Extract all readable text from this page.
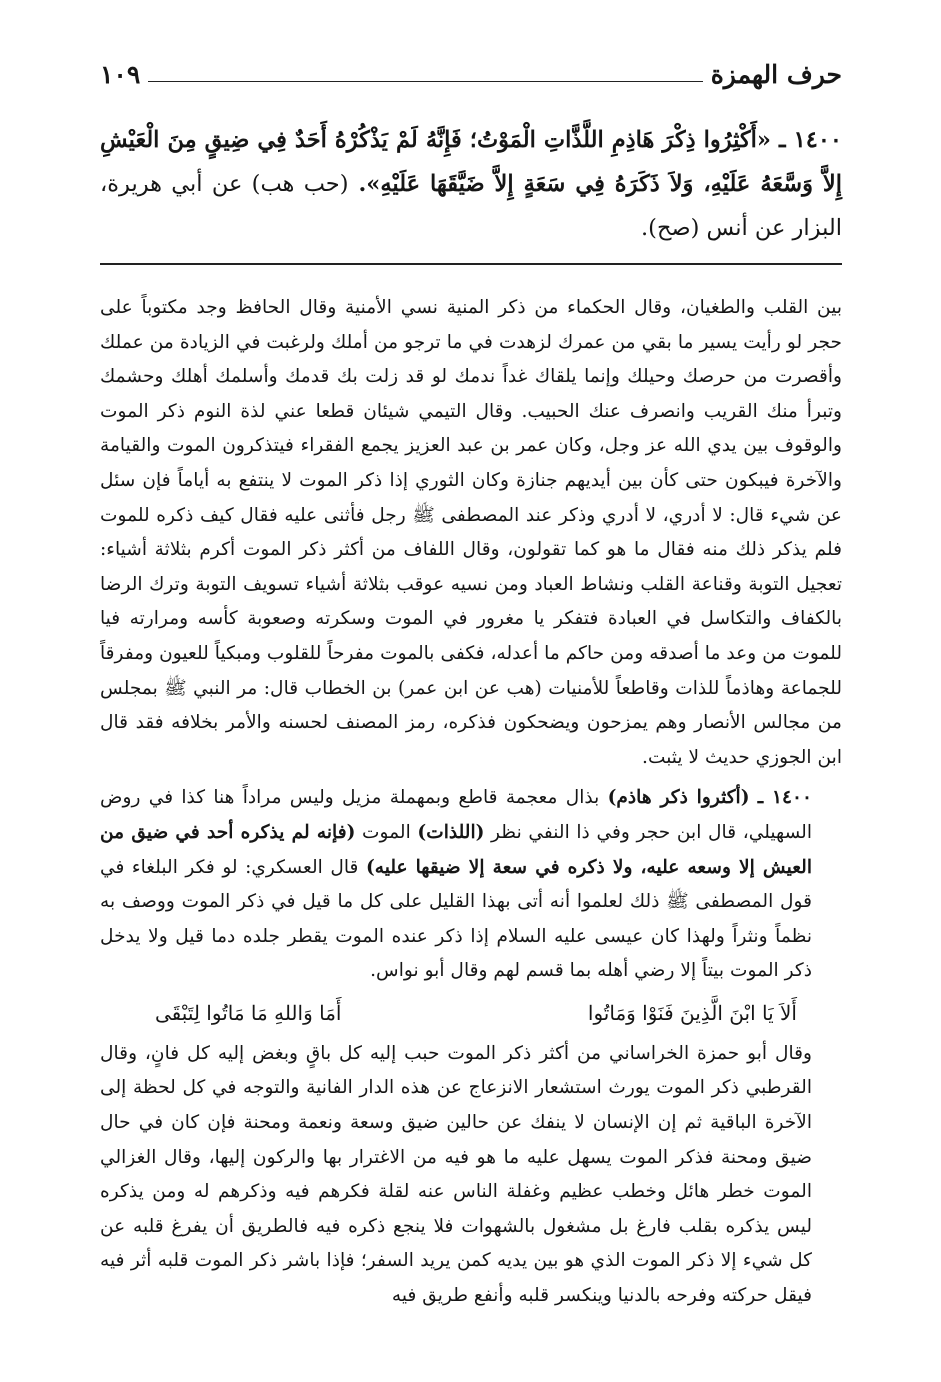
حرف الهمزة
١٠٩
١٤٠٠ ـ «أَكْثِرُوا ذِكْرَ هَاذِمِ اللَّذَّاتِ الْمَوْتُ؛ فَإِنَّهُ لَمْ يَذْكُرْهُ أَحَدٌ فِي ضِيقٍ مِنَ الْعَيْشِ إِلاَّ وَسَّعَهُ عَلَيْهِ، وَلاَ ذَكَرَهُ فِي سَعَةٍ إِلاَّ ضَيَّقَهَا عَلَيْهِ». (حب هب) عن أبي هريرة، البزار عن أنس (صح).

بين القلب والطغيان، وقال الحكماء من ذكر المنية نسي الأمنية وقال الحافظ وجد مكتوباً على حجر لو رأيت يسير ما بقي من عمرك لزهدت في ما ترجو من أملك ولرغبت في الزيادة من عملك وأقصرت من حرصك وحيلك وإنما يلقاك غداً ندمك لو قد زلت بك قدمك وأسلمك أهلك وحشمك وتبرأ منك القريب وانصرف عنك الحبيب. وقال التيمي شيئان قطعا عني لذة النوم ذكر الموت والوقوف بين يدي الله عز وجل، وكان عمر بن عبد العزيز يجمع الفقراء فيتذكرون الموت والقيامة والآخرة فيبكون حتى كأن بين أيديهم جنازة وكان الثوري إذا ذكر الموت لا ينتفع به أياماً فإن سئل عن شيء قال: لا أدري، لا أدري وذكر عند المصطفى ﷺ رجل فأثنى عليه فقال كيف ذكره للموت فلم يذكر ذلك منه فقال ما هو كما تقولون، وقال اللفاف من أكثر ذكر الموت أكرم بثلاثة أشياء: تعجيل التوبة وقناعة القلب ونشاط العباد ومن نسيه عوقب بثلاثة أشياء تسويف التوبة وترك الرضا بالكفاف والتكاسل في العبادة فتفكر يا مغرور في الموت وسكرته وصعوبة كأسه ومرارته فيا للموت من وعد ما أصدقه ومن حاكم ما أعدله، فكفى بالموت مفرحاً للقلوب ومبكياً للعيون ومفرقاً للجماعة وهاذماً للذات وقاطعاً للأمنيات (هب عن ابن عمر) بن الخطاب قال: مر النبي ﷺ بمجلس من مجالس الأنصار وهم يمزحون ويضحكون فذكره، رمز المصنف لحسنه والأمر بخلافه فقد قال ابن الجوزي حديث لا يثبت.

١٤٠٠ ـ (أكثروا ذكر هاذم) بذال معجمة قاطع وبمهملة مزيل وليس مراداً هنا كذا في روض السهيلي، قال ابن حجر وفي ذا النفي نظر (اللذات) الموت (فإنه لم يذكره أحد في ضيق من العيش إلا وسعه عليه، ولا ذكره في سعة إلا ضيقها عليه) قال العسكري: لو فكر البلغاء في قول المصطفى ﷺ ذلك لعلموا أنه أتى بهذا القليل على كل ما قيل في ذكر الموت ووصف به نظماً ونثراً ولهذا كان عيسى عليه السلام إذا ذكر عنده الموت يقطر جلده دما قيل ولا يدخل ذكر الموت بيتاً إلا رضي أهله بما قسم لهم وقال أبو نواس.

أَلاَ يَا ابْنَ الَّذِينَ فَنَوْا وَمَاتُوا
أَمَا وَاللهِ مَا مَاتُوا لِتَبْقَى

وقال أبو حمزة الخراساني من أكثر ذكر الموت حبب إليه كل باقٍ وبغض إليه كل فانٍ، وقال القرطبي ذكر الموت يورث استشعار الانزعاج عن هذه الدار الفانية والتوجه في كل لحظة إلى الآخرة الباقية ثم إن الإنسان لا ينفك عن حالين ضيق وسعة ونعمة ومحنة فإن كان في حال ضيق ومحنة فذكر الموت يسهل عليه ما هو فيه من الاغترار بها والركون إليها، وقال الغزالي الموت خطر هائل وخطب عظيم وغفلة الناس عنه لقلة فكرهم فيه وذكرهم له ومن يذكره ليس يذكره بقلب فارغ بل مشغول بالشهوات فلا ينجع ذكره فيه فالطريق أن يفرغ قلبه عن كل شيء إلا ذكر الموت الذي هو بين يديه كمن يريد السفر؛ فإذا باشر ذكر الموت قلبه أثر فيه فيقل حركته وفرحه بالدنيا وينكسر قلبه وأنفع طريق فيه
